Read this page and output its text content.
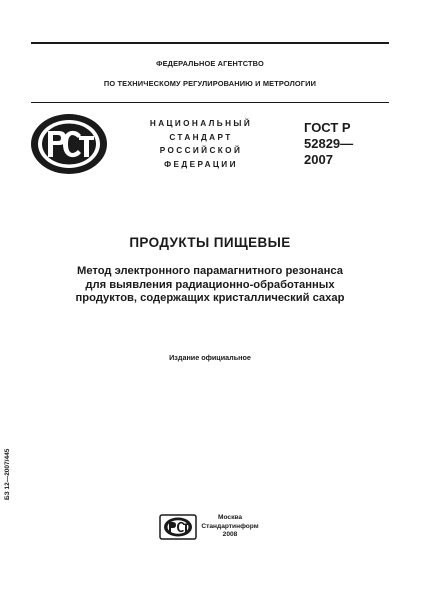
ФЕДЕРАЛЬНОЕ АГЕНТСТВО
ПО ТЕХНИЧЕСКОМУ РЕГУЛИРОВАНИЮ И МЕТРОЛОГИИ
НАЦИОНАЛЬНЫЙ
СТАНДАРТ
РОССИЙСКОЙ
ФЕДЕРАЦИИ
ГОСТ Р
52829—
2007
ПРОДУКТЫ ПИЩЕВЫЕ
Метод электронного парамагнитного резонанса
для выявления радиационно-обработанных
продуктов, содержащих кристаллический сахар
Издание официальное
БЗ 12—2007/445
Москва
Стандартинформ
2008
